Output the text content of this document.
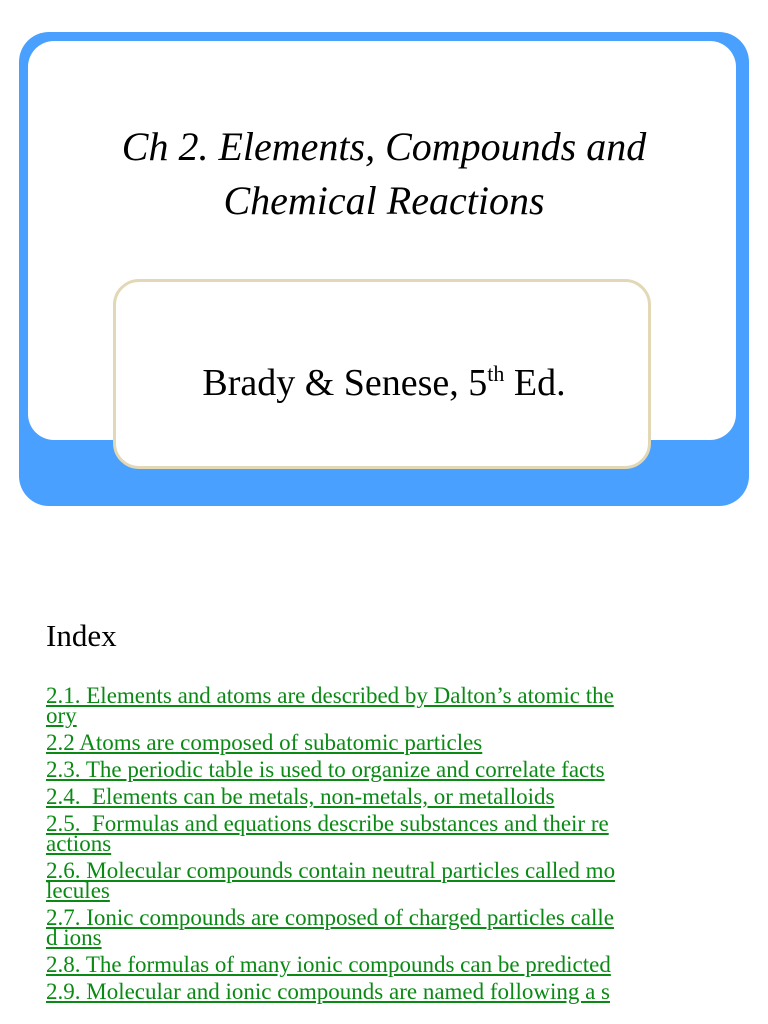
Ch 2. Elements, Compounds and
Chemical Reactions
Brady & Senese, 5th Ed.
Index
2.1. Elements and atoms are described by Dalton’s atomic the
ory
2.2 Atoms are composed of subatomic particles
2.3. The periodic table is used to organize and correlate facts
2.4.  Elements can be metals, non-metals, or metalloids
2.5.  Formulas and equations describe substances and their re
actions
2.6. Molecular compounds contain neutral particles called mo
lecules
2.7. Ionic compounds are composed of charged particles calle
d ions
2.8. The formulas of many ionic compounds can be predicted
2.9. Molecular and ionic compounds are named following a s
